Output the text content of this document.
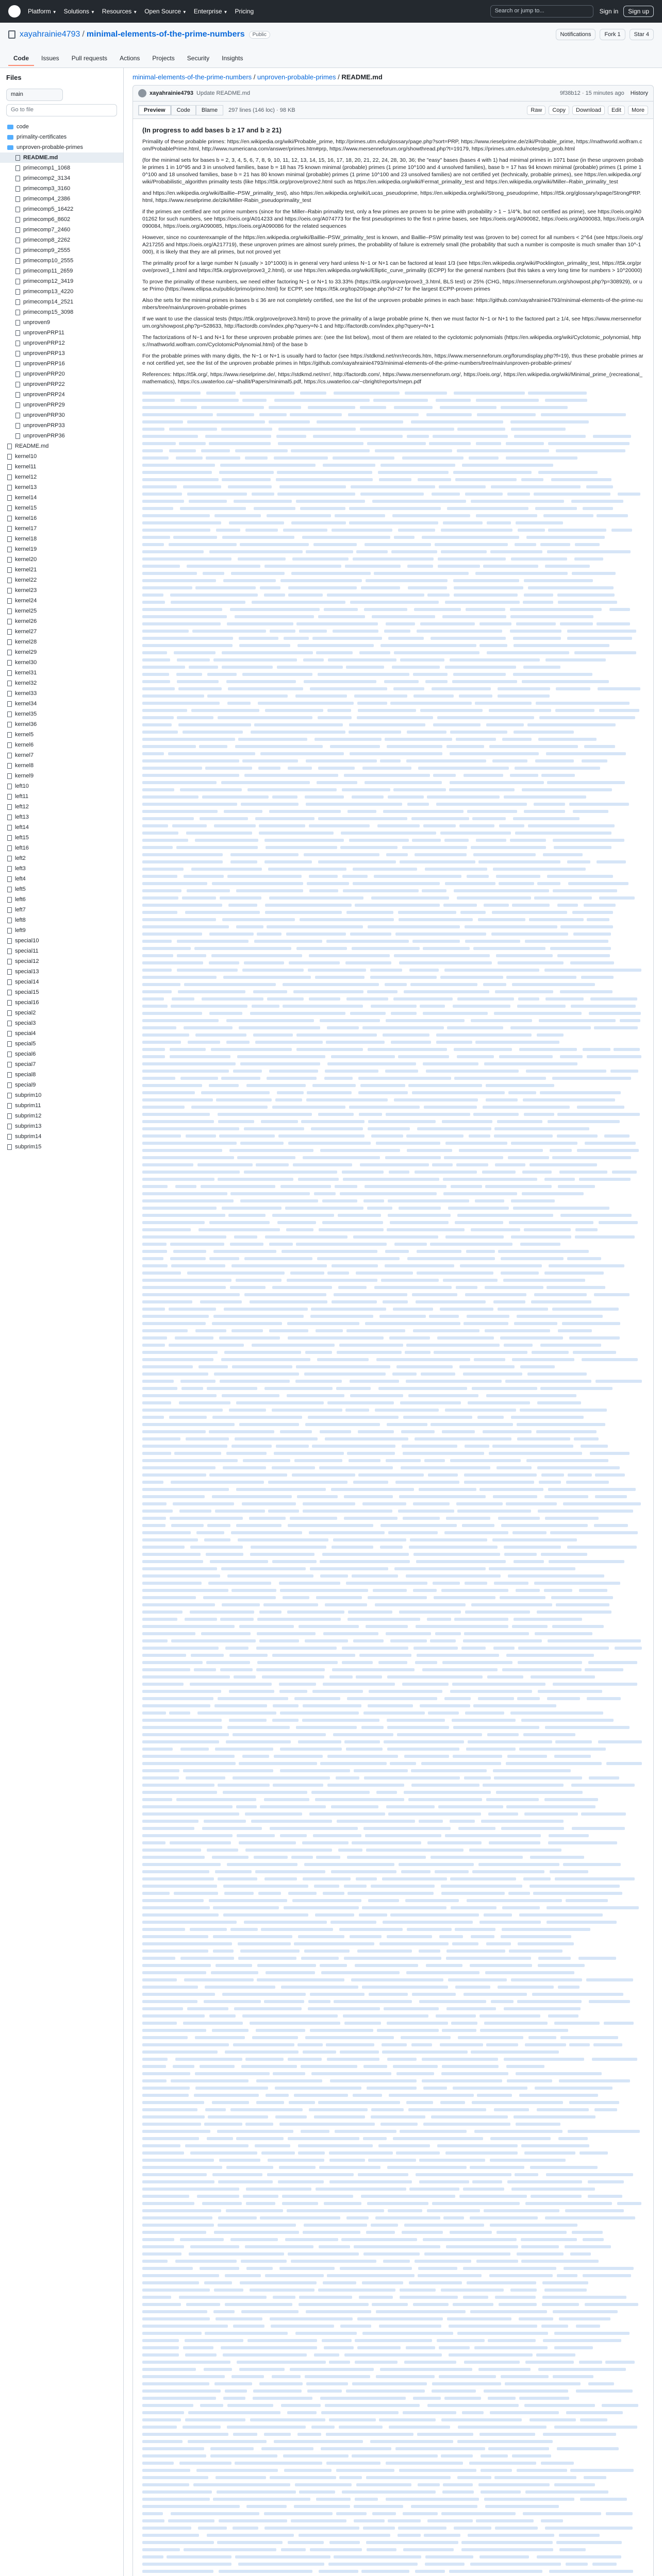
Platform ▼ Solutions ▼ Resources ▼ Open Source ▼ Enterprise ▼ Pricing	Search or jump to...	Sign in	Sign up
xayahrainie4793 / minimal-elements-of-the-prime-numbers	Public	Notifications	Fork 1	Star 4
Code	Issues	Pull requests	Actions	Projects	Security	Insights
Files
main
Go to file
code
primality-certificates
unproven-probable-primes
README.md
primecomp1_1068
primecomp2_3134
primecomp3_3160
primecomp4_2386
primecomp5_16422
primecomp6_8602
primecomp7_2460
primecomp8_2262
primecomp9_2555
primecomp10_2555
primecomp11_2659
primecomp12_3419
primecomp13_4220
primecomp14_2521
primecomp15_3098
unproven9
unprovenPRP11
unprovenPRP12
unprovenPRP13
unprovenPRP16
unprovenPRP20
unprovenPRP22
unprovenPRP24
unprovenPRP29
unprovenPRP30
unprovenPRP33
unprovenPRP36
README.md
kernel10
kernel11
kernel12
kernel13
kernel14
kernel15
kernel16
kernel17
kernel18
kernel19
kernel20
kernel21
kernel22
kernel23
kernel24
kernel25
kernel26
kernel27
kernel28
kernel29
kernel30
kernel31
kernel32
kernel33
kernel34
kernel35
kernel36
kernel5
kernel6
kernel7
kernel8
kernel9
left10
left11
left12
left13
left14
left15
left16
left2
left3
left4
left5
left6
left7
left8
left9
special10
special11
special12
special13
special14
special15
special16
special2
special3
special4
special5
special6
special7
special8
special9
subprim10
subprim11
subprim12
subprim13
subprim14
subprim15
minimal-elements-of-the-prime-numbers / unproven-probable-primes / README.md
xayahrainie4793 Update README.md	9f38b12 · 15 minutes ago History
Preview	Code	Blame	297 lines (146 loc) · 98 KB	Raw	Copy	Download	Edit	More
(In progress to add bases b ≥ 17 and b ≥ 21)

Primality of these probable primes: https://en.wikipedia.org/wiki/Probable_prime, http://primes.utm.edu/glossary/page.php?sort=PRP, https://www.rieselprime.de/ziki/Probable_prime, https://mathworld.wolfram.com/ProbablePrime.html, http://www.numericana.com/answer/primes.htm#prp, https://www.mersenneforum.org/showthread.php?t=19179, https://primes.utm.edu/notes/prp_prob.html

(for the minimal sets for bases b = 2, 3, 4, 5, 6, 7, 8, 9, 10, 11, 12, 13, 14, 15, 16, 17, 18, 20, 21, 22, 24, 28, 30, 36; the "easy" bases (bases 4 with 1) had minimal primes in 1071 base (in these unproven probable primes 1 in 10^95 and 3 in unsolved families, base b = 18 has 75 known minimal (probable) primes (1 prime 10^100 and 4 unsolved families), base b = 17 has 94 known minimal (probable) primes (1 prime 10^100 and 18 unsolved families, base b = 21 has 80 known minimal (probable) primes (1 prime 10^100 and 23 unsolved families) are not certified yet (technically, probable primes), see https://en.wikipedia.org/wiki/Probabilistic_algorithm primality tests (like https://t5k.org/prove/prove2.html such as https://en.wikipedia.org/wiki/Fermat_primality_test and https://en.wikipedia.org/wiki/Miller–Rabin_primality_test

and https://en.wikipedia.org/wiki/Baillie–PSW_primality_test), also https://en.wikipedia.org/wiki/Lucas_pseudoprime, https://en.wikipedia.org/wiki/Strong_pseudoprime, https://t5k.org/glossary/xpage/StrongPRP.html, https://www.rieselprime.de/ziki/Miller-Rabin_pseudoprimality_test

if the primes are certified are not prime numbers (since for the Miller–Rabin primality test, only a few primes are proven to be prime with probability > 1 − 1/4^k, but not certified as prime), see https://oeis.org/A001262 for such numbers, see https://oeis.org/A014233 and https://oeis.org/A074773 for the first pseudoprimes to the first n prime bases, see https://oeis.org/A090082, https://oeis.org/A090083, https://oeis.org/A090084, https://oeis.org/A090085, https://oeis.org/A090086 for the related sequences

However, since no counterexample of the https://en.wikipedia.org/wiki/Baillie–PSW_primality_test is known, and Baillie–PSW primality test was (proven to be) correct for all numbers < 2^64 (see https://oeis.org/A217255 and https://oeis.org/A217719), these unproven primes are almost surely primes, the probability of failure is extremely small (the probability that such a number is composite is much smaller than 10^-1000), it is likely that they are all primes, but not proved yet

The primality proof for a large number N (usually > 10^1000) is in general very hard unless N−1 or N+1 can be factored at least 1/3 (see https://en.wikipedia.org/wiki/Pocklington_primality_test, https://t5k.org/prove/prove3_1.html and https://t5k.org/prove/prove3_2.html), or use https://en.wikipedia.org/wiki/Elliptic_curve_primality (ECPP) for the general numbers (but this takes a very long time for numbers > 10^20000)

To prove the primality of these numbers, we need either factoring N−1 or N+1 to 33.33% (https://t5k.org/prove/prove3_3.html, BLS test) or 25% (CHG, https://mersenneforum.org/showpost.php?p=308929), or use Primo (https://www.ellipsa.eu/public/primo/primo.html) for ECPP, see https://t5k.org/top20/page.php?id=27 for the largest ECPP-proven primes

Also the sets for the minimal primes in bases b ≤ 36 are not completely certified, see the list of the unproven probable primes in each base: https://github.com/xayahrainie4793/minimal-elements-of-the-prime-numbers/tree/main/unproven-probable-primes

If we want to use the classical tests (https://t5k.org/prove/prove3.html) to prove the primality of a large probable prime N, then we must factor N−1 or N+1 to the factored part ≥ 1/4, see https://www.mersenneforum.org/showpost.php?p=528633, http://factordb.com/index.php?query=N-1 and http://factordb.com/index.php?query=N+1

The factorizations of N−1 and N+1 for these unproven probable primes are: (see the list below), most of them are related to the cyclotomic polynomials (https://en.wikipedia.org/wiki/Cyclotomic_polynomial, https://mathworld.wolfram.com/CyclotomicPolynomial.html) of the base b

For the probable primes with many digits, the N−1 or N+1 is usually hard to factor (see https://stdkmd.net/nrr/records.htm, https://www.mersenneforum.org/forumdisplay.php?f=19), thus these probable primes are not certified yet, see the list of the unproven probable primes in https://github.com/xayahrainie4793/minimal-elements-of-the-prime-numbers/tree/main/unproven-probable-primes/

References: https://t5k.org/, https://www.rieselprime.de/, https://stdkmd.net/nrr/, http://factordb.com/, https://www.mersenneforum.org/, https://oeis.org/, https://en.wikipedia.org/wiki/Minimal_prime_(recreational_mathematics), https://cs.uwaterloo.ca/~shallit/Papers/minimal5.pdf, https://cs.uwaterloo.ca/~cbright/reports/mepn.pdf
